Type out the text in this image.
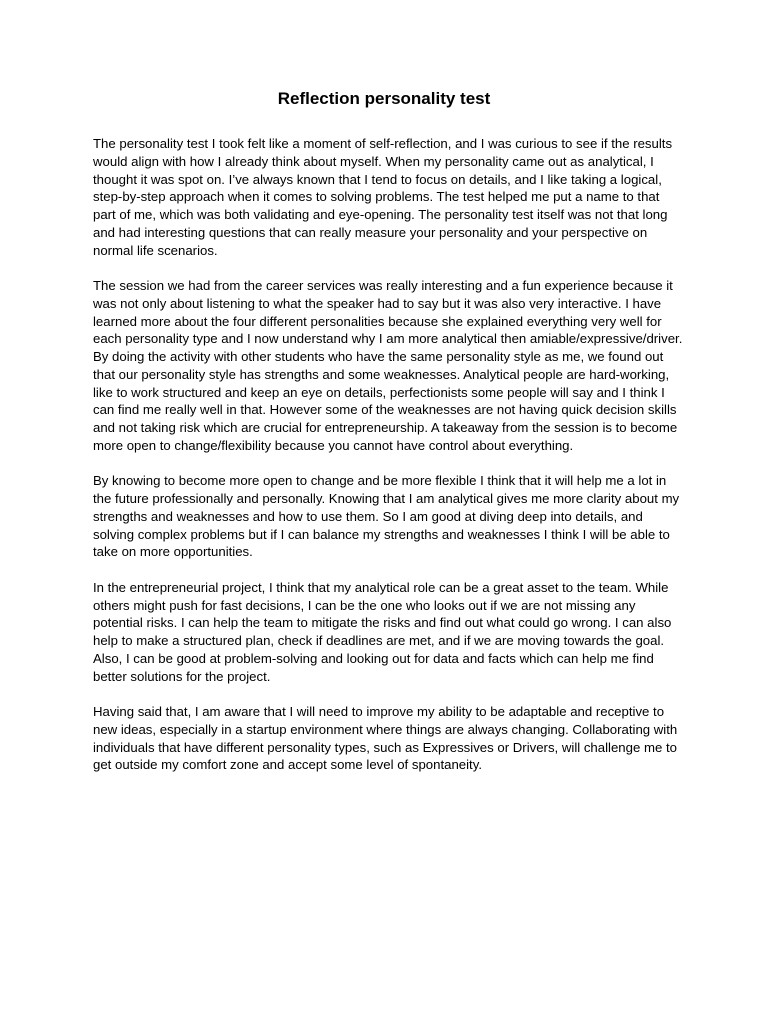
Reflection personality test

The personality test I took felt like a moment of self-reflection, and I was curious to see if the results would align with how I already think about myself. When my personality came out as analytical, I thought it was spot on. I’ve always known that I tend to focus on details, and I like taking a logical, step-by-step approach when it comes to solving problems. The test helped me put a name to that part of me, which was both validating and eye-opening. The personality test itself was not that long and had interesting questions that can really measure your personality and your perspective on normal life scenarios.

The session we had from the career services was really interesting and a fun experience because it was not only about listening to what the speaker had to say but it was also very interactive. I have learned more about the four different personalities because she explained everything very well for each personality type and I now understand why I am more analytical then amiable/expressive/driver. By doing the activity with other students who have the same personality style as me, we found out that our personality style has strengths and some weaknesses. Analytical people are hard-working, like to work structured and keep an eye on details, perfectionists some people will say and I think I can find me really well in that. However some of the weaknesses are not having quick decision skills and not taking risk which are crucial for entrepreneurship. A takeaway from the session is to become more open to change/flexibility because you cannot have control about everything.

By knowing to become more open to change and be more flexible I think that it will help me a lot in the future professionally and personally. Knowing that I am analytical gives me more clarity about my strengths and weaknesses and how to use them. So I am good at diving deep into details, and solving complex problems but if I can balance my strengths and weaknesses I think I will be able to take on more opportunities.

In the entrepreneurial project, I think that my analytical role can be a great asset to the team. While others might push for fast decisions, I can be the one who looks out if we are not missing any potential risks. I can help the team to mitigate the risks and find out what could go wrong. I can also help to make a structured plan, check if deadlines are met, and if we are moving towards the goal. Also, I can be good at problem-solving and looking out for data and facts which can help me find better solutions for the project.

Having said that, I am aware that I will need to improve my ability to be adaptable and receptive to new ideas, especially in a startup environment where things are always changing. Collaborating with individuals that have different personality types, such as Expressives or Drivers, will challenge me to get outside my comfort zone and accept some level of spontaneity.
